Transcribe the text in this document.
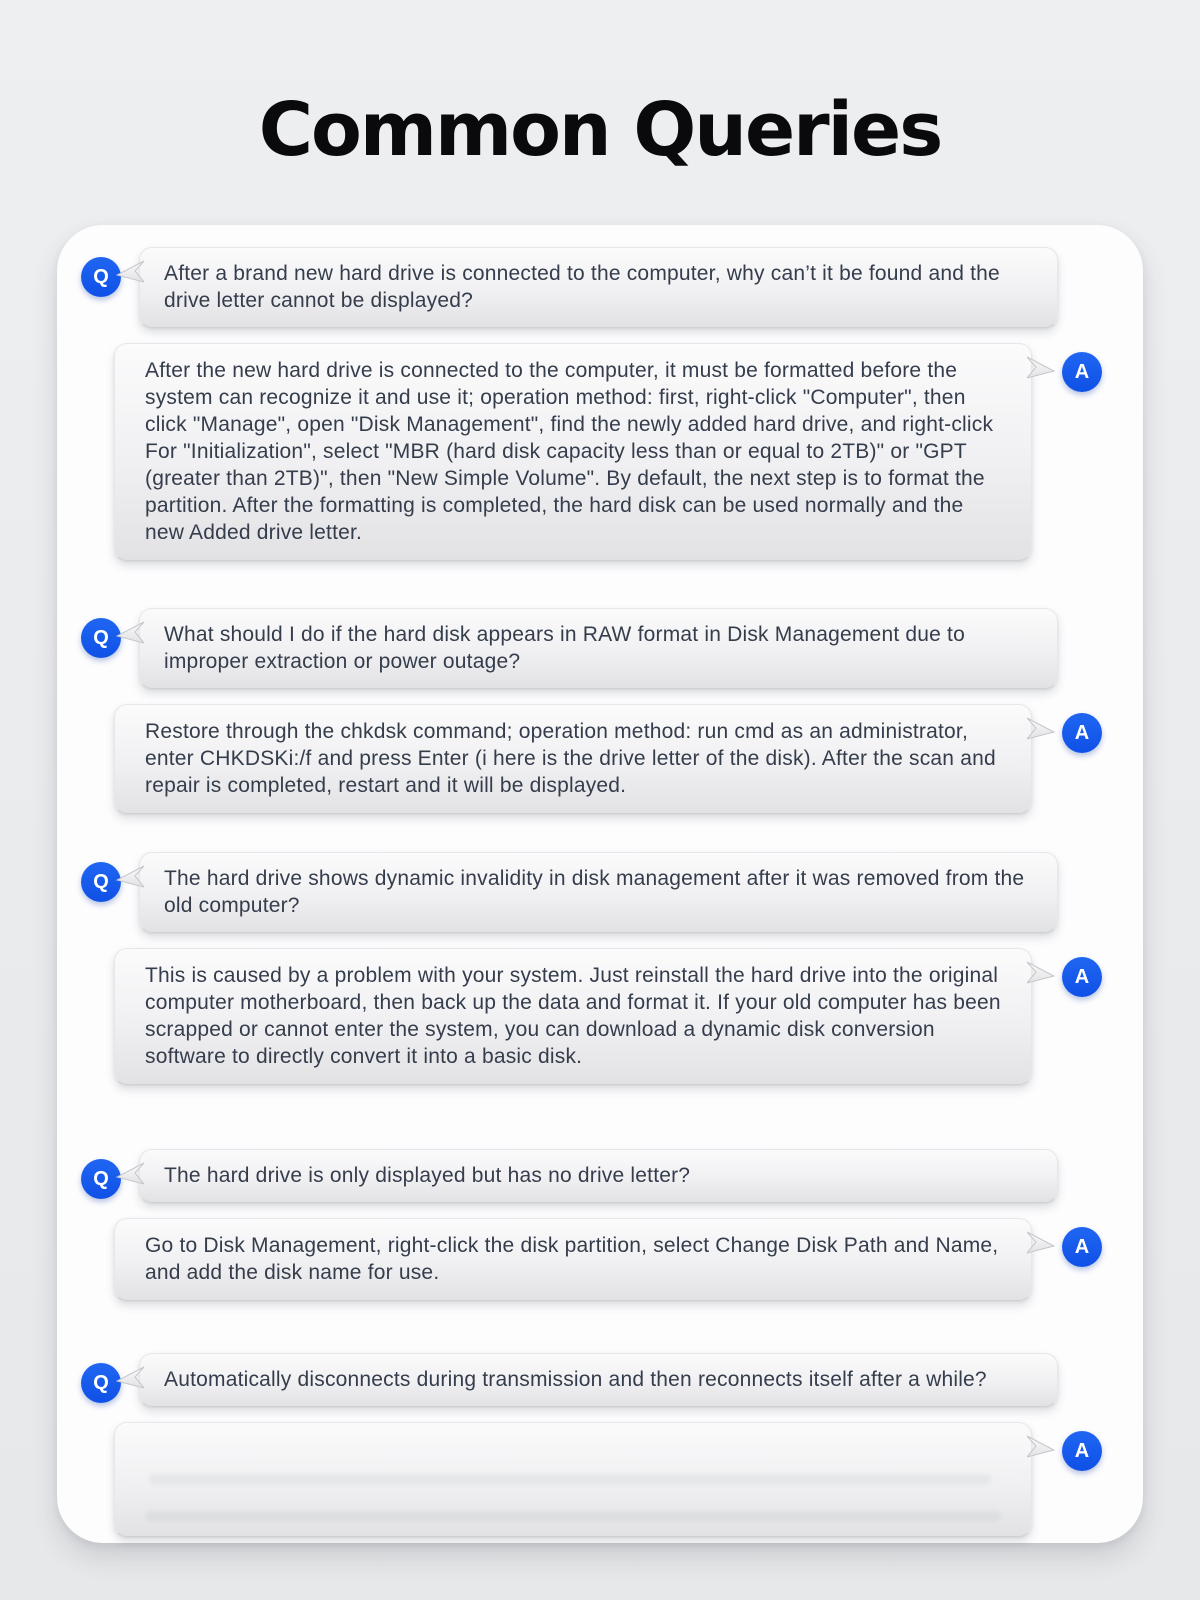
Common Queries
Q	After a brand new hard drive is connected to the computer, why can’t it be found and the drive letter cannot be displayed?
After the new hard drive is connected to the computer, it must be formatted before the system can recognize it and use it; operation method: first, right-click "Computer", then click "Manage", open "Disk Management", find the newly added hard drive, and right-click For "Initialization", select "MBR (hard disk capacity less than or equal to 2TB)" or "GPT (greater than 2TB)", then "New Simple Volume". By default, the next step is to format the partition. After the formatting is completed, the hard disk can be used normally and the new Added drive letter.
A
Q	What should I do if the hard disk appears in RAW format in Disk Management due to improper extraction or power outage?
Restore through the chkdsk command; operation method: run cmd as an administrator, enter CHKDSKi:/f and press Enter (i here is the drive letter of the disk). After the scan and repair is completed, restart and it will be displayed.
A
Q	The hard drive shows dynamic invalidity in disk management after it was removed from the old computer?
This is caused by a problem with your system. Just reinstall the hard drive into the original computer motherboard, then back up the data and format it. If your old computer has been scrapped or cannot enter the system, you can download a dynamic disk conversion software to directly convert it into a basic disk.
A
Q	The hard drive is only displayed but has no drive letter?
Go to Disk Management, right-click the disk partition, select Change Disk Path and Name, and add the disk name for use.
A
Q	Automatically disconnects during transmission and then reconnects itself after a while?
A
